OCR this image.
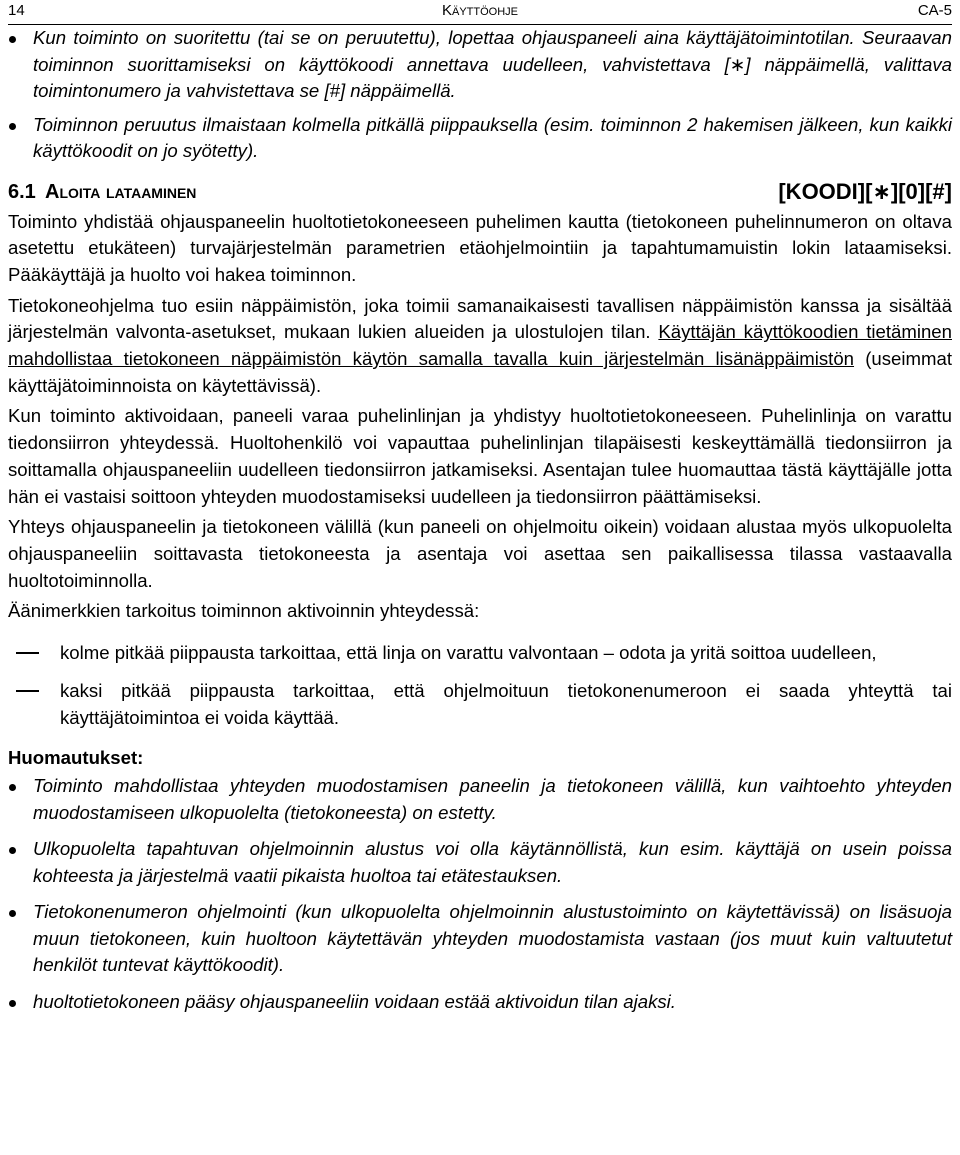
14	Käyttöohje	CA-5
Kun toiminto on suoritettu (tai se on peruutettu), lopettaa ohjauspaneeli aina käyttäjätoimintotilan. Seuraavan toiminnon suorittamiseksi on käyttökoodi annettava uudelleen, vahvistettava [∗] näppäimellä, valittava toimintonumero ja vahvistettava se [#] näppäimellä.
Toiminnon peruutus ilmaistaan kolmella pitkällä piippauksella (esim. toiminnon 2 hakemisen jälkeen, kun kaikki käyttökoodit on jo syötetty).
6.1 Aloita lataaminen	[KOODI][∗][0][#]

Toiminto yhdistää ohjauspaneelin huoltotietokoneeseen puhelimen kautta (tietokoneen puhelinnumeron on oltava asetettu etukäteen) turvajärjestelmän parametrien etäohjelmointiin ja tapahtumamuistin lokin lataamiseksi. Pääkäyttäjä ja huolto voi hakea toiminnon.

Tietokoneohjelma tuo esiin näppäimistön, joka toimii samanaikaisesti tavallisen näppäimistön kanssa ja sisältää järjestelmän valvonta-asetukset, mukaan lukien alueiden ja ulostulojen tilan. Käyttäjän käyttökoodien tietäminen mahdollistaa tietokoneen näppäimistön käytön samalla tavalla kuin järjestelmän lisänäppäimistön (useimmat käyttäjätoiminnoista on käytettävissä).

Kun toiminto aktivoidaan, paneeli varaa puhelinlinjan ja yhdistyy huoltotietokoneeseen. Puhelinlinja on varattu tiedonsiirron yhteydessä. Huoltohenkilö voi vapauttaa puhelinlinjan tilapäisesti keskeyttämällä tiedonsiirron ja soittamalla ohjauspaneeliin uudelleen tiedonsiirron jatkamiseksi. Asentajan tulee huomauttaa tästä käyttäjälle jotta hän ei vastaisi soittoon yhteyden muodostamiseksi uudelleen ja tiedonsiirron päättämiseksi.

Yhteys ohjauspaneelin ja tietokoneen välillä (kun paneeli on ohjelmoitu oikein) voidaan alustaa myös ulkopuolelta ohjauspaneeliin soittavasta tietokoneesta ja asentaja voi asettaa sen paikallisessa tilassa vastaavalla huoltotoiminnolla.

Äänimerkkien tarkoitus toiminnon aktivoinnin yhteydessä:

kolme pitkää piippausta tarkoittaa, että linja on varattu valvontaan – odota ja yritä soittoa uudelleen,
kaksi pitkää piippausta tarkoittaa, että ohjelmoituun tietokonenumeroon ei saada yhteyttä tai käyttäjätoimintoa ei voida käyttää.
Huomautukset:
Toiminto mahdollistaa yhteyden muodostamisen paneelin ja tietokoneen välillä, kun vaihtoehto yhteyden muodostamiseen ulkopuolelta (tietokoneesta) on estetty.
Ulkopuolelta tapahtuvan ohjelmoinnin alustus voi olla käytännöllistä, kun esim. käyttäjä on usein poissa kohteesta ja järjestelmä vaatii pikaista huoltoa tai etätestauksen.
Tietokonenumeron ohjelmointi (kun ulkopuolelta ohjelmoinnin alustustoiminto on käytettävissä) on lisäsuoja muun tietokoneen, kuin huoltoon käytettävän yhteyden muodostamista vastaan (jos muut kuin valtuutetut henkilöt tuntevat käyttökoodit).
huoltotietokoneen pääsy ohjauspaneeliin voidaan estää aktivoidun tilan ajaksi.
